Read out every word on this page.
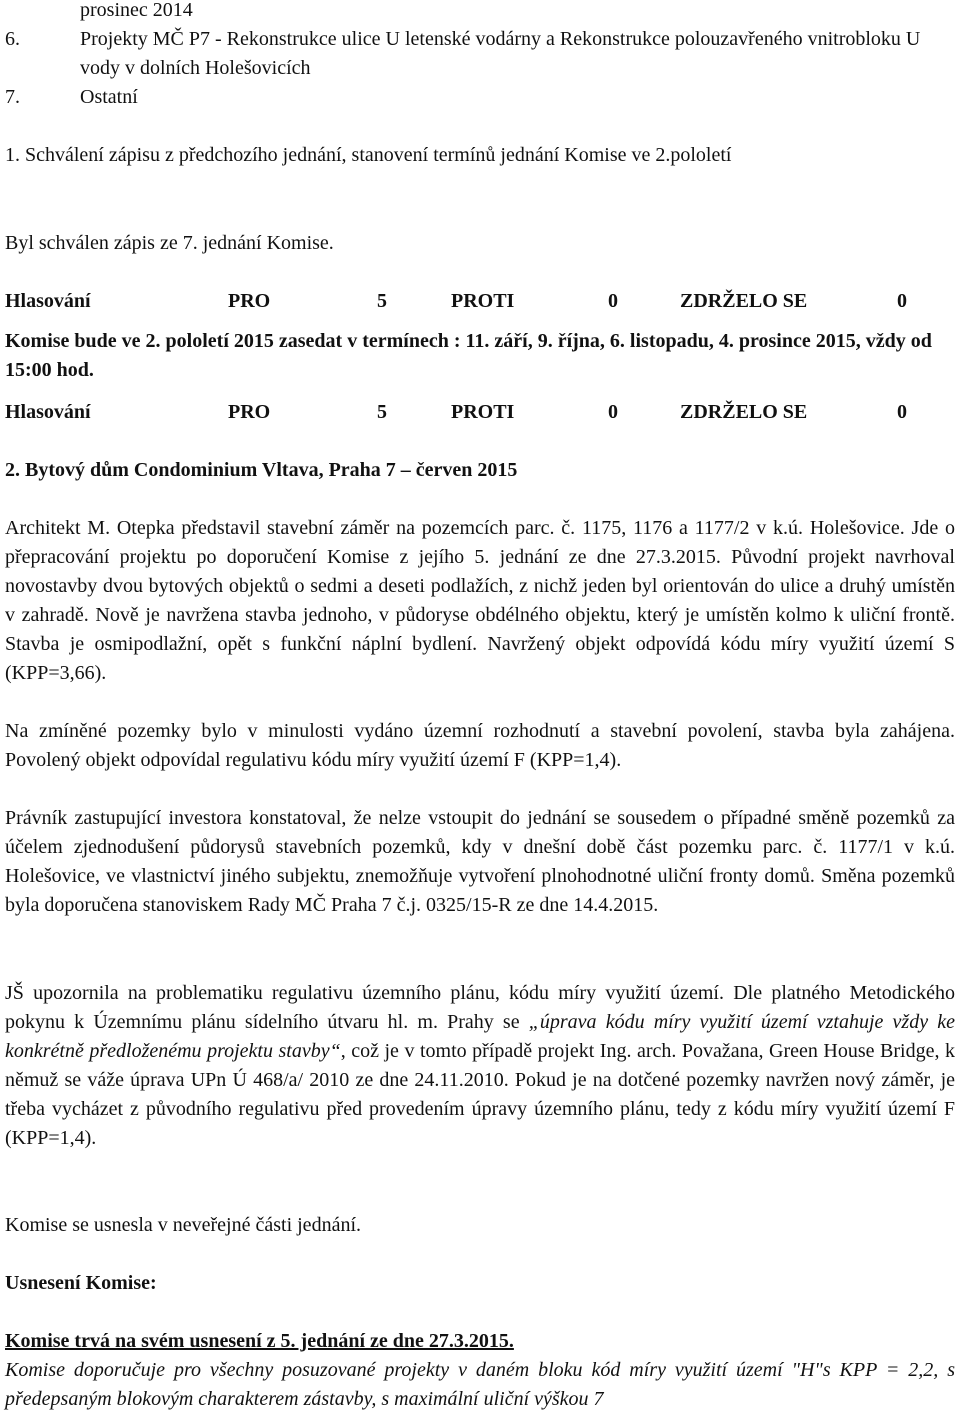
prosinec 2014
6.	Projekty MČ P7 - Rekonstrukce ulice U letenské vodárny a Rekonstrukce polouzavřeného vnitrobloku U vody v dolních Holešovicích
7.	Ostatní
1. Schválení zápisu z předchozího jednání, stanovení termínů jednání Komise ve 2.pololetí
Byl schválen zápis ze 7. jednání Komise.
Hlasování	PRO	5	PROTI	0	ZDRŽELO SE	0
Komise bude ve 2. pololetí 2015 zasedat v termínech : 11. září, 9. října, 6. listopadu, 4. prosince 2015, vždy od 15:00 hod.
Hlasování	PRO	5	PROTI	0	ZDRŽELO SE	0
2. Bytový dům Condominium Vltava, Praha 7 – červen 2015
Architekt M. Otepka představil stavební záměr na pozemcích parc. č. 1175, 1176 a 1177/2 v k.ú. Holešovice. Jde o přepracování projektu po doporučení Komise z jejího 5. jednání ze dne 27.3.2015. Původní projekt navrhoval novostavby dvou bytových objektů o sedmi a deseti podlažích, z nichž jeden byl orientován do ulice a druhý umístěn v zahradě. Nově je navržena stavba jednoho, v půdoryse obdélného objektu, který je umístěn kolmo k uliční frontě. Stavba je osmipodlažní, opět s funkční náplní bydlení. Navržený objekt odpovídá kódu míry využití území S (KPP=3,66).
Na zmíněné pozemky bylo v minulosti vydáno územní rozhodnutí a stavební povolení, stavba byla zahájena. Povolený objekt odpovídal regulativu kódu míry využití území F (KPP=1,4).
Právník zastupující investora konstatoval, že nelze vstoupit do jednání se sousedem o případné směně pozemků za účelem zjednodušení půdorysů stavebních pozemků, kdy v dnešní době část pozemku parc. č. 1177/1 v k.ú. Holešovice, ve vlastnictví jiného subjektu, znemožňuje vytvoření plnohodnotné uliční fronty domů. Směna pozemků byla doporučena stanoviskem Rady MČ Praha 7 č.j. 0325/15-R ze dne 14.4.2015.
JŠ upozornila na problematiku regulativu územního plánu, kódu míry využití území. Dle platného Metodického pokynu k Územnímu plánu sídelního útvaru hl. m. Prahy se „úprava kódu míry využití území vztahuje vždy ke konkrétně předloženému projektu stavby“, což je v tomto případě projekt Ing. arch. Považana, Green House Bridge, k němuž se váže úprava UPn Ú 468/a/ 2010 ze dne 24.11.2010. Pokud je na dotčené pozemky navržen nový záměr, je třeba vycházet z původního regulativu před provedením úpravy územního plánu, tedy z kódu míry využití území F (KPP=1,4).
Komise se usnesla v neveřejné části jednání.
Usnesení Komise:
Komise trvá na svém usnesení z 5. jednání ze dne 27.3.2015.
Komise doporučuje pro všechny posuzované projekty v daném bloku kód míry využití území "H"s KPP = 2,2, s předepsaným blokovým charakterem zástavby, s maximální uliční výškou 7
